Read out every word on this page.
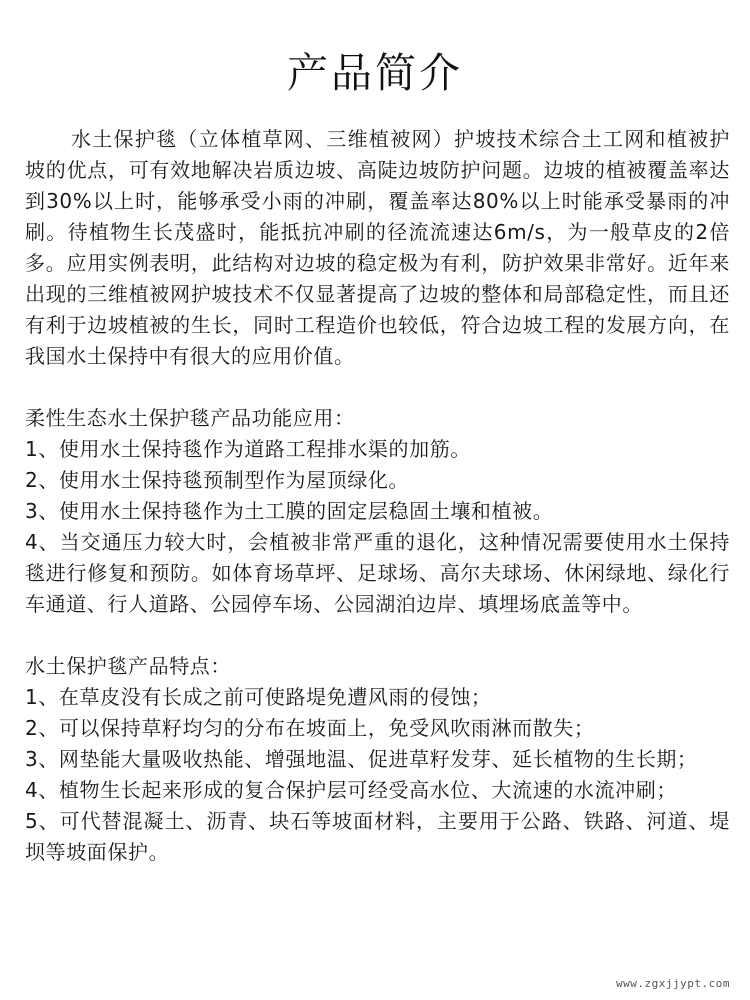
产品简介

水土保护毯（立体植草网、三维植被网）护坡技术综合土工网和植被护坡的优点，可有效地解决岩质边坡、高陡边坡防护问题。边坡的植被覆盖率达到30%以上时，能够承受小雨的冲刷，覆盖率达80%以上时能承受暴雨的冲刷。待植物生长茂盛时，能抵抗冲刷的径流流速达6m/s，为一般草皮的2倍多。应用实例表明，此结构对边坡的稳定极为有利，防护效果非常好。近年来出现的三维植被网护坡技术不仅显著提高了边坡的整体和局部稳定性，而且还有利于边坡植被的生长，同时工程造价也较低，符合边坡工程的发展方向，在我国水土保持中有很大的应用价值。

柔性生态水土保护毯产品功能应用：

1、使用水土保持毯作为道路工程排水渠的加筋。

2、使用水土保持毯预制型作为屋顶绿化。

3、使用水土保持毯作为土工膜的固定层稳固土壤和植被。

4、当交通压力较大时，会植被非常严重的退化，这种情况需要使用水土保持毯进行修复和预防。如体育场草坪、足球场、高尔夫球场、休闲绿地、绿化行车通道、行人道路、公园停车场、公园湖泊边岸、填埋场底盖等中。

水土保护毯产品特点：

1、在草皮没有长成之前可使路堤免遭风雨的侵蚀；

2、可以保持草籽均匀的分布在坡面上，免受风吹雨淋而散失；

3、网垫能大量吸收热能、增强地温、促进草籽发芽、延长植物的生长期；

4、植物生长起来形成的复合保护层可经受高水位、大流速的水流冲刷；

5、可代替混凝土、沥青、块石等坡面材料，主要用于公路、铁路、河道、堤坝等坡面保护。

www.zgxjjypt.com
